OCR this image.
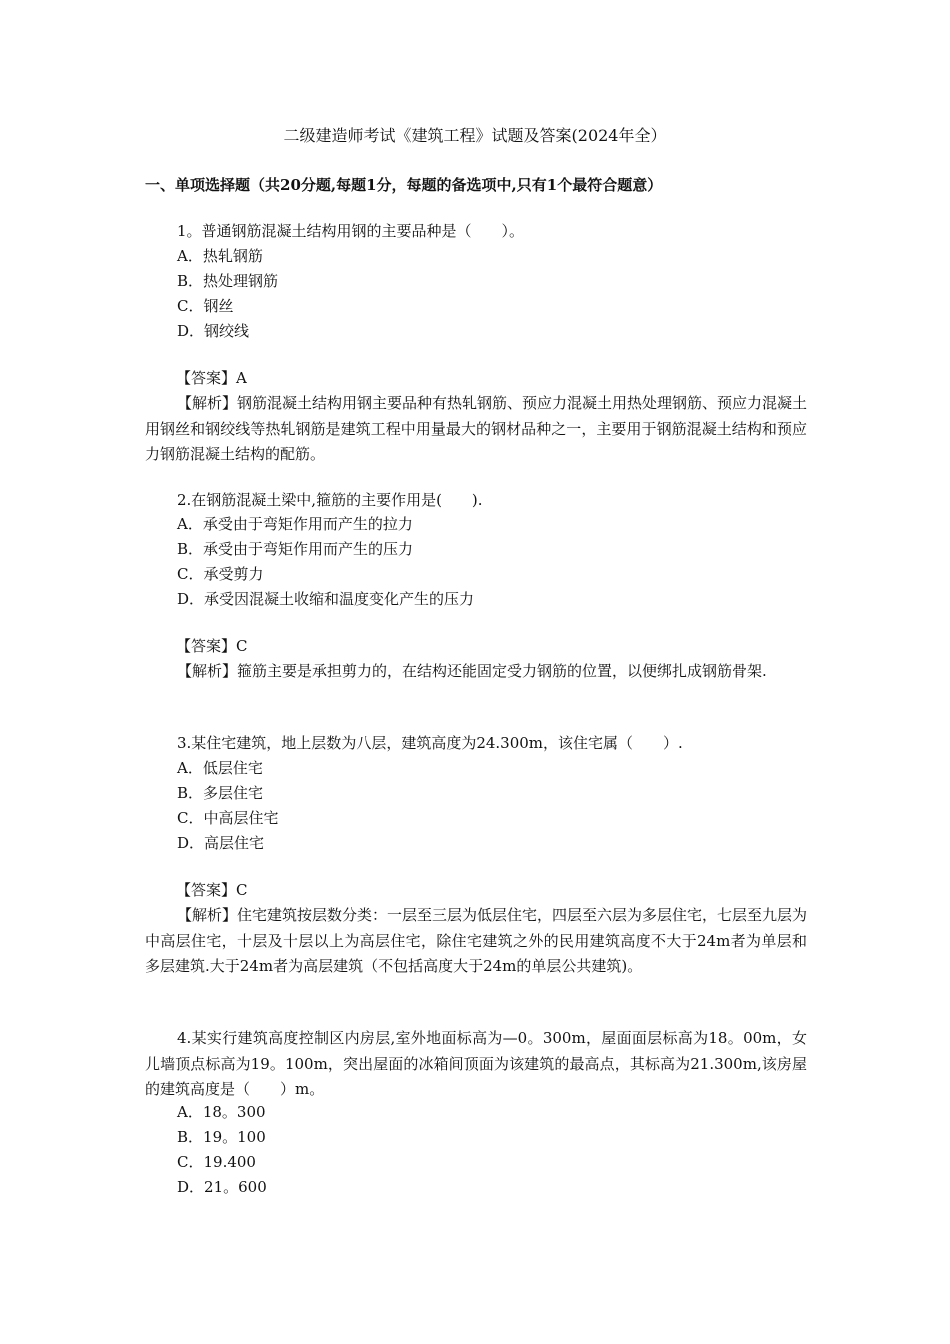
二级建造师考试《建筑工程》试题及答案(2024年全）
一、单项选择题（共20分题,每题1分，每题的备选项中,只有1个最符合题意）
1。普通钢筋混凝土结构用钢的主要品种是（　　）。
A．热轧钢筋
B．热处理钢筋
C．钢丝
D．钢绞线
【答案】A
【解析】钢筋混凝土结构用钢主要品种有热轧钢筋、预应力混凝土用热处理钢筋、预应力混凝土用钢丝和钢绞线等热轧钢筋是建筑工程中用量最大的钢材品种之一，主要用于钢筋混凝土结构和预应力钢筋混凝土结构的配筋。
2.在钢筋混凝土梁中,箍筋的主要作用是(　　).
A．承受由于弯矩作用而产生的拉力
B．承受由于弯矩作用而产生的压力
C．承受剪力
D．承受因混凝土收缩和温度变化产生的压力
【答案】C
【解析】箍筋主要是承担剪力的，在结构还能固定受力钢筋的位置，以便绑扎成钢筋骨架.
3.某住宅建筑，地上层数为八层，建筑高度为24.300m，该住宅属（　　）.
A．低层住宅
B．多层住宅
C．中高层住宅
D．高层住宅
【答案】C
【解析】住宅建筑按层数分类：一层至三层为低层住宅，四层至六层为多层住宅，七层至九层为中高层住宅，十层及十层以上为高层住宅，除住宅建筑之外的民用建筑高度不大于24m者为单层和多层建筑.大于24m者为高层建筑（不包括高度大于24m的单层公共建筑)。
4.某实行建筑高度控制区内房层,室外地面标高为—0。300m，屋面面层标高为18。00m，女儿墙顶点标高为19。100m，突出屋面的冰箱间顶面为该建筑的最高点，其标高为21.300m,该房屋的建筑高度是（　　）m。
A．18。300
B．19。100
C．19.400
D．21。600
